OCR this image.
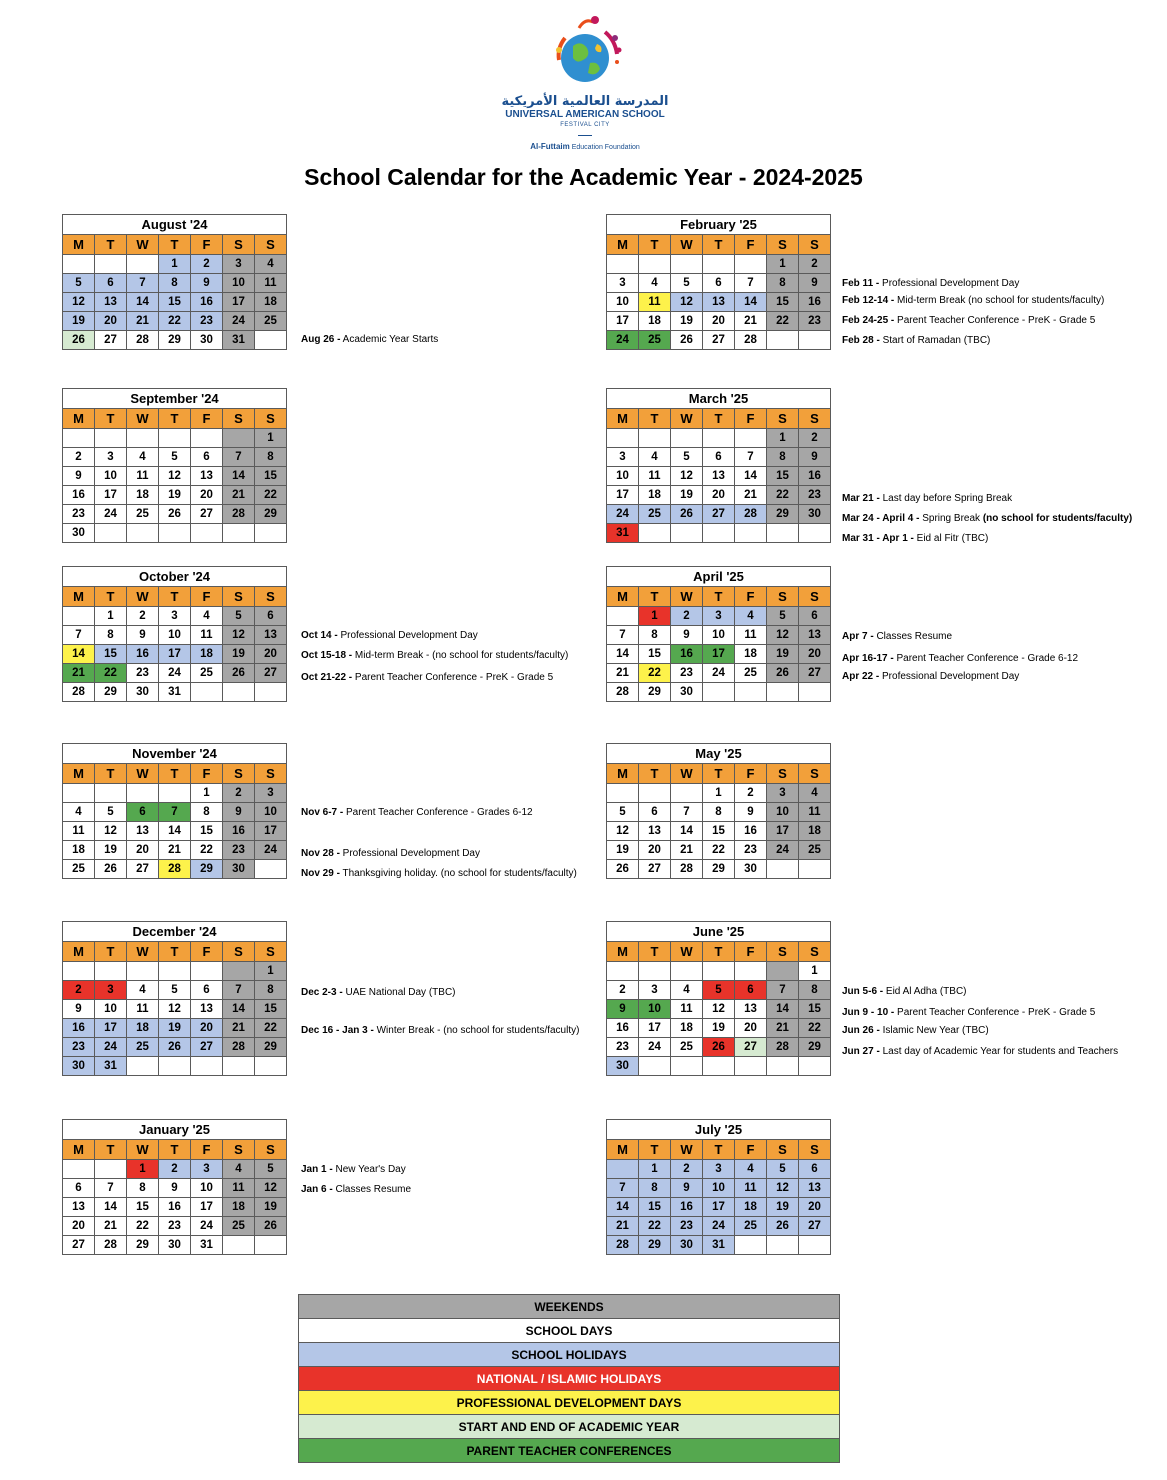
المدرسة العالمية الأمريكية
UNIVERSAL AMERICAN SCHOOL
FESTIVAL CITY
Al-Futtaim Education Foundation
School Calendar for the Academic Year - 2024-2025
August '24						
M	T	W	T	F	S	S
			1	2	3	4
5	6	7	8	9	10	11
12	13	14	15	16	17	18
19	20	21	22	23	24	25
26	27	28	29	30	31	
September '24						
M	T	W	T	F	S	S
						1
2	3	4	5	6	7	8
9	10	11	12	13	14	15
16	17	18	19	20	21	22
23	24	25	26	27	28	29
30						
October '24						
M	T	W	T	F	S	S
	1	2	3	4	5	6
7	8	9	10	11	12	13
14	15	16	17	18	19	20
21	22	23	24	25	26	27
28	29	30	31			
November '24						
M	T	W	T	F	S	S
				1	2	3
4	5	6	7	8	9	10
11	12	13	14	15	16	17
18	19	20	21	22	23	24
25	26	27	28	29	30	
December '24						
M	T	W	T	F	S	S
						1
2	3	4	5	6	7	8
9	10	11	12	13	14	15
16	17	18	19	20	21	22
23	24	25	26	27	28	29
30	31					
January '25						
M	T	W	T	F	S	S
		1	2	3	4	5
6	7	8	9	10	11	12
13	14	15	16	17	18	19
20	21	22	23	24	25	26
27	28	29	30	31		
February '25						
M	T	W	T	F	S	S
					1	2
3	4	5	6	7	8	9
10	11	12	13	14	15	16
17	18	19	20	21	22	23
24	25	26	27	28		
March '25						
M	T	W	T	F	S	S
					1	2
3	4	5	6	7	8	9
10	11	12	13	14	15	16
17	18	19	20	21	22	23
24	25	26	27	28	29	30
31						
April '25						
M	T	W	T	F	S	S
	1	2	3	4	5	6
7	8	9	10	11	12	13
14	15	16	17	18	19	20
21	22	23	24	25	26	27
28	29	30				
May '25						
M	T	W	T	F	S	S
			1	2	3	4
5	6	7	8	9	10	11
12	13	14	15	16	17	18
19	20	21	22	23	24	25
26	27	28	29	30		
June '25						
M	T	W	T	F	S	S
						1
2	3	4	5	6	7	8
9	10	11	12	13	14	15
16	17	18	19	20	21	22
23	24	25	26	27	28	29
30						
July '25						
M	T	W	T	F	S	S
	1	2	3	4	5	6
7	8	9	10	11	12	13
14	15	16	17	18	19	20
21	22	23	24	25	26	27
28	29	30	31			
Aug 26 - Academic Year Starts
Oct 14 - Professional Development Day
Oct 15-18 - Mid-term Break - (no school for students/faculty)
Oct 21-22 - Parent Teacher Conference - PreK - Grade 5
Nov 6-7 - Parent Teacher Conference - Grades 6-12
Nov 28 - Professional Development Day
Nov 29 - Thanksgiving holiday. (no school for students/faculty)
Dec 2-3 - UAE National Day (TBC)
Dec 16 - Jan 3 - Winter Break - (no school for students/faculty)
Jan 1 - New Year's Day
Jan 6 - Classes Resume
Feb 11 - Professional Development Day
Feb 12-14 - Mid-term Break (no school for students/faculty)
Feb 24-25 - Parent Teacher Conference - PreK - Grade 5
Feb 28 - Start of Ramadan (TBC)
Mar 21 - Last day before Spring Break
Mar 24 - April 4 - Spring Break (no school for students/faculty)
Mar 31 - Apr 1 - Eid al Fitr (TBC)
Apr 7 - Classes Resume
Apr 16-17 - Parent Teacher Conference - Grade 6-12
Apr 22 - Professional Development Day
Jun 5-6 - Eid Al Adha (TBC)
Jun 9 - 10 - Parent Teacher Conference - PreK - Grade 5
Jun 26 - Islamic New Year (TBC)
Jun 27 - Last day of Academic Year for students and Teachers
WEEKENDS
SCHOOL DAYS
SCHOOL HOLIDAYS
NATIONAL / ISLAMIC HOLIDAYS
PROFESSIONAL DEVELOPMENT DAYS
START AND END OF ACADEMIC YEAR
PARENT TEACHER CONFERENCES
